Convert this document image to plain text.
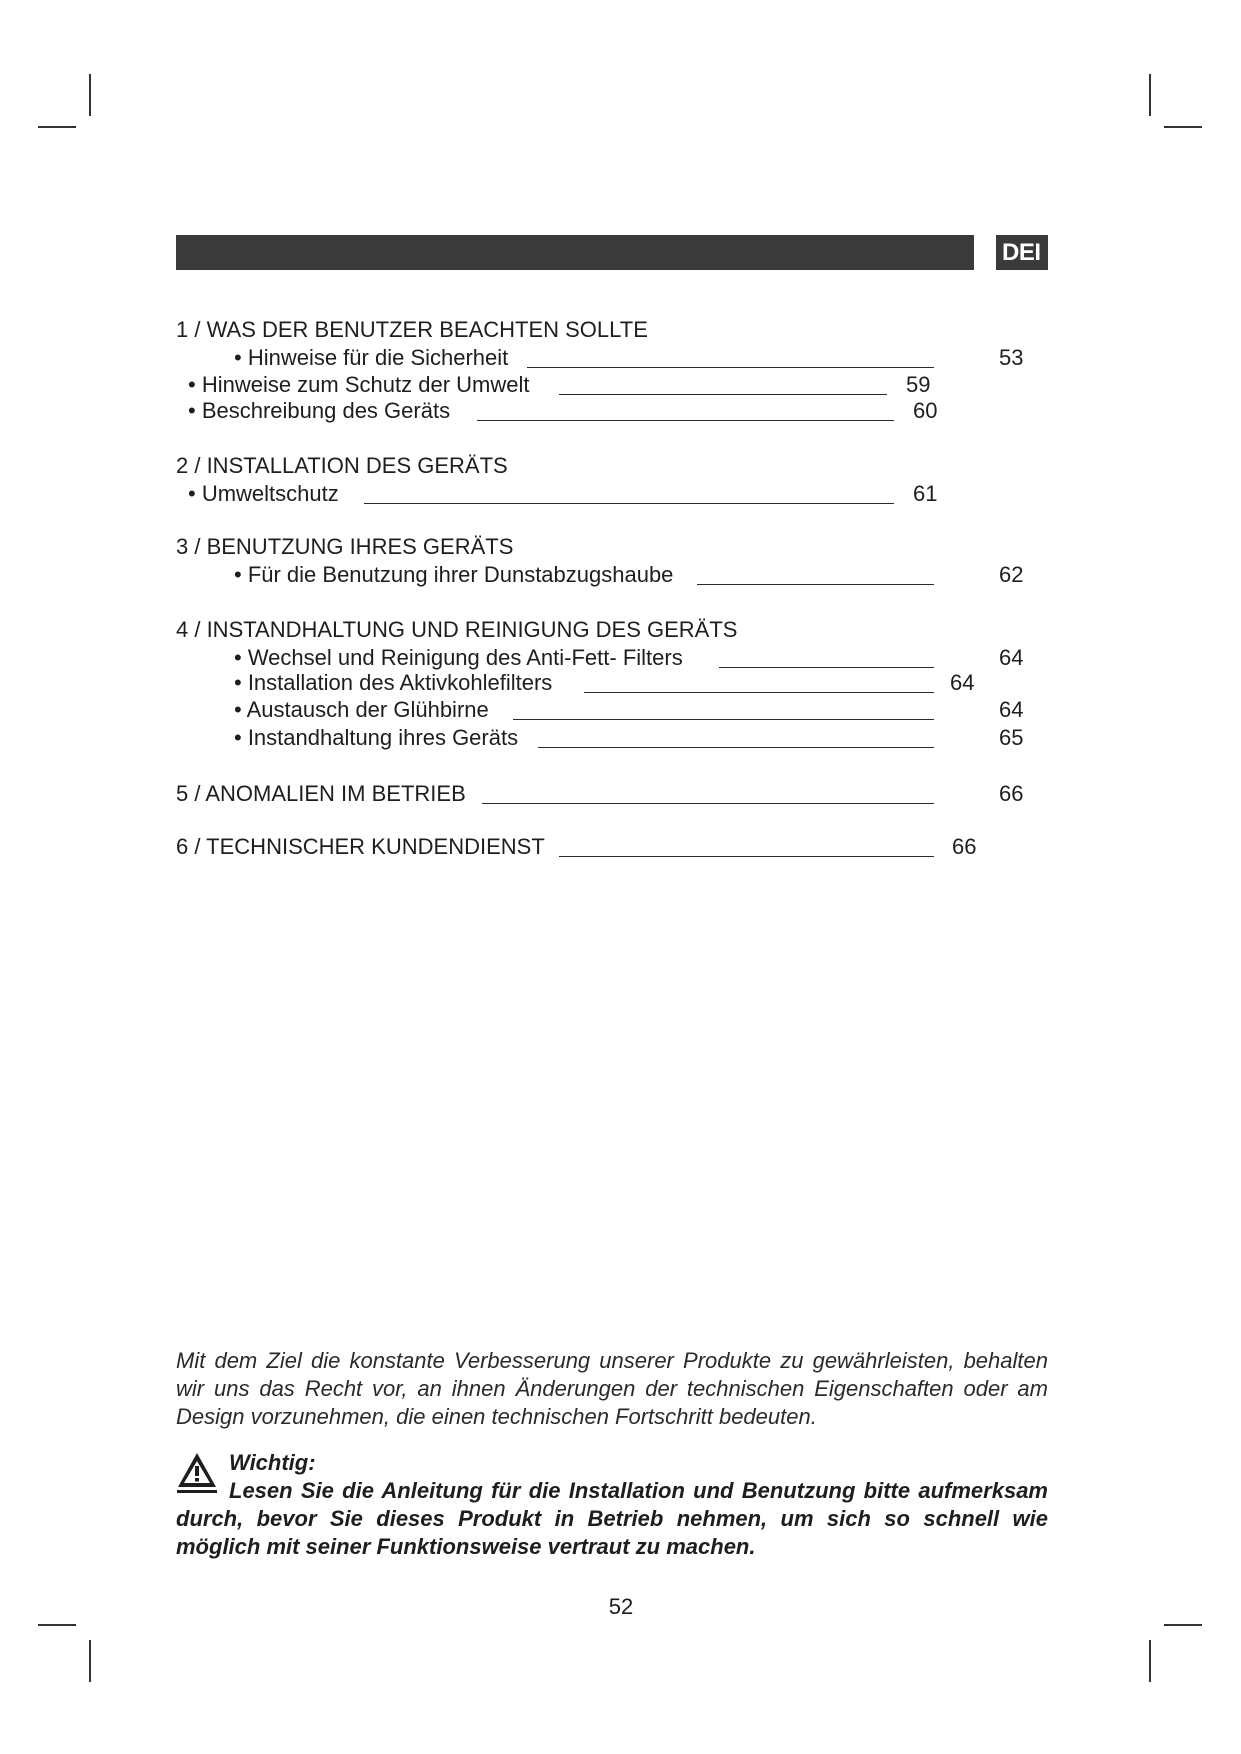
DEI
1 / WAS DER BENUTZER BEACHTEN SOLLTE
• Hinweise für die Sicherheit	53
• Hinweise zum Schutz der Umwelt	59
• Beschreibung des Geräts	60
2 / INSTALLATION DES GERÄTS
• Umweltschutz	61
3 / BENUTZUNG IHRES GERÄTS
• Für die Benutzung ihrer Dunstabzugshaube	62
4 / INSTANDHALTUNG UND REINIGUNG DES GERÄTS
• Wechsel und Reinigung des Anti-Fett- Filters	64
• Installation des Aktivkohlefilters	64
• Austausch der Glühbirne	64
• Instandhaltung ihres Geräts	65
5 / ANOMALIEN IM BETRIEB	66
6 / TECHNISCHER KUNDENDIENST	66
Mit dem Ziel die konstante Verbesserung unserer Produkte zu gewährleisten, behalten wir uns das Recht vor, an ihnen Änderungen der technischen Eigenschaften oder am Design vorzunehmen, die einen technischen Fortschritt bedeuten.
Wichtig:
Lesen Sie die Anleitung für die Installation und Benutzung bitte aufmerksam durch, bevor Sie dieses Produkt in Betrieb nehmen, um sich so schnell wie möglich mit seiner Funktionsweise vertraut zu machen.
52
